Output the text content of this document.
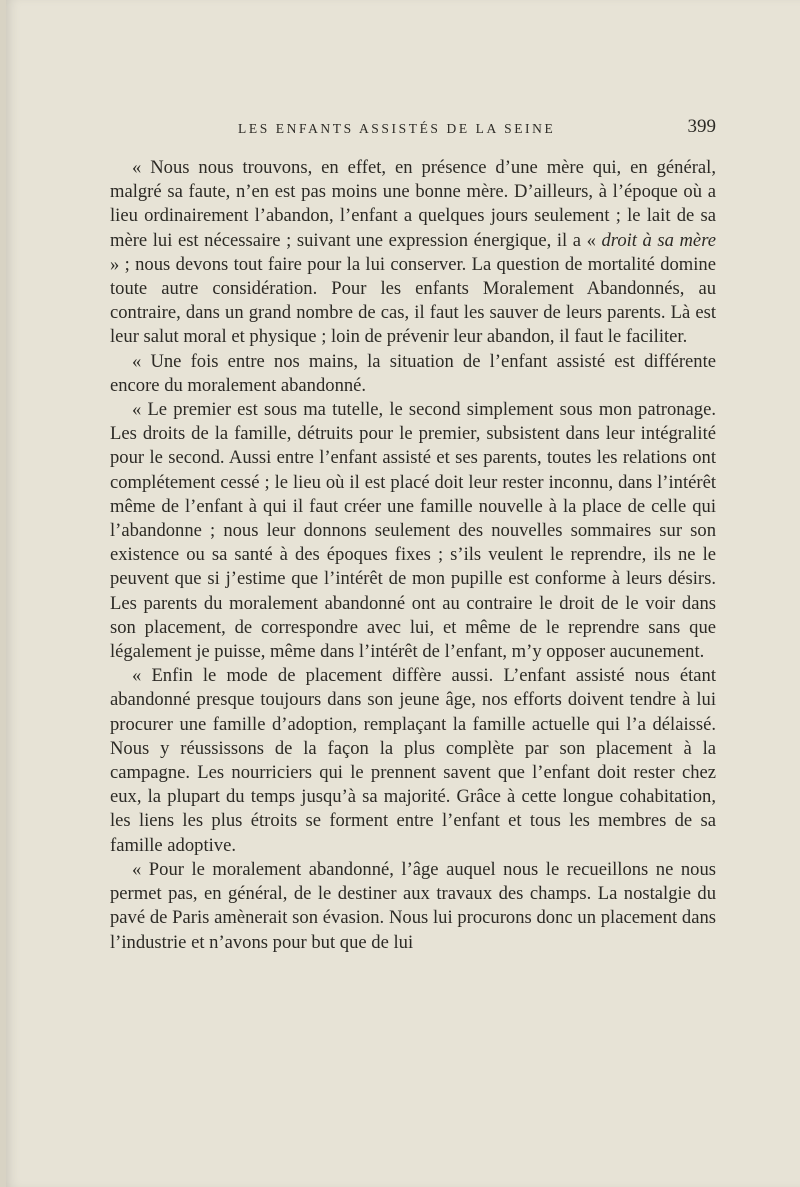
LES ENFANTS ASSISTÉS DE LA SEINE	399

« Nous nous trouvons, en effet, en présence d’une mère qui, en général, malgré sa faute, n’en est pas moins une bonne mère. D’ailleurs, à l’époque où a lieu ordinairement l’abandon, l’enfant a quelques jours seulement ; le lait de sa mère lui est nécessaire ; suivant une expression énergique, il a « droit à sa mère » ; nous devons tout faire pour la lui conserver. La question de mortalité domine toute autre considération. Pour les enfants Moralement Abandonnés, au contraire, dans un grand nombre de cas, il faut les sauver de leurs parents. Là est leur salut moral et physique ; loin de prévenir leur abandon, il faut le faciliter.

« Une fois entre nos mains, la situation de l’enfant assisté est différente encore du moralement abandonné.

« Le premier est sous ma tutelle, le second simplement sous mon patronage. Les droits de la famille, détruits pour le premier, subsistent dans leur intégralité pour le second. Aussi entre l’enfant assisté et ses parents, toutes les relations ont complétement cessé ; le lieu où il est placé doit leur rester inconnu, dans l’intérêt même de l’enfant à qui il faut créer une famille nouvelle à la place de celle qui l’abandonne ; nous leur donnons seulement des nouvelles sommaires sur son existence ou sa santé à des époques fixes ; s’ils veulent le reprendre, ils ne le peuvent que si j’estime que l’intérêt de mon pupille est conforme à leurs désirs. Les parents du moralement abandonné ont au contraire le droit de le voir dans son placement, de correspondre avec lui, et même de le reprendre sans que légalement je puisse, même dans l’intérêt de l’enfant, m’y opposer aucunement.

« Enfin le mode de placement diffère aussi. L’enfant assisté nous étant abandonné presque toujours dans son jeune âge, nos efforts doivent tendre à lui procurer une famille d’adoption, remplaçant la famille actuelle qui l’a délaissé. Nous y réussissons de la façon la plus complète par son placement à la campagne. Les nourriciers qui le prennent savent que l’enfant doit rester chez eux, la plupart du temps jusqu’à sa majorité. Grâce à cette longue cohabitation, les liens les plus étroits se forment entre l’enfant et tous les membres de sa famille adoptive.

« Pour le moralement abandonné, l’âge auquel nous le recueillons ne nous permet pas, en général, de le destiner aux travaux des champs. La nostalgie du pavé de Paris amènerait son évasion. Nous lui procurons donc un placement dans l’industrie et n’avons pour but que de lui
